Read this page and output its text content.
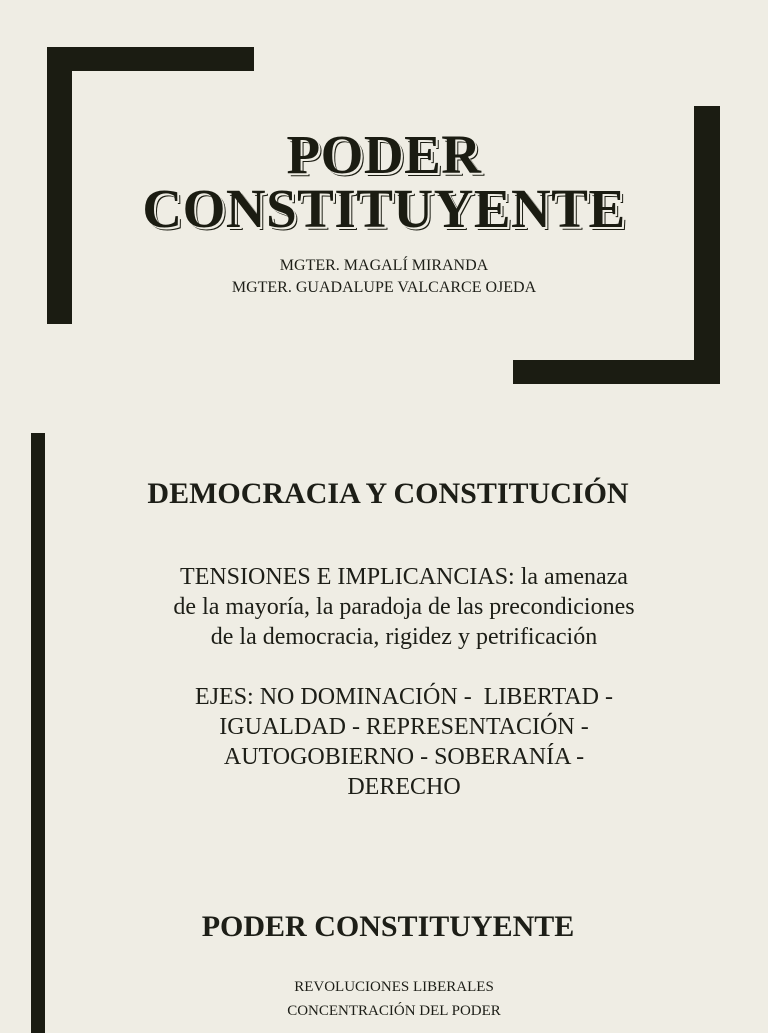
PODER
CONSTITUYENTE
MGTER. MAGALÍ MIRANDA
MGTER. GUADALUPE VALCARCE OJEDA
DEMOCRACIA Y CONSTITUCIÓN

TENSIONES E IMPLICANCIAS: la amenaza
de la mayoría, la paradoja de las precondiciones
de la democracia, rigidez y petrificación

EJES: NO DOMINACIÓN -  LIBERTAD -
IGUALDAD - REPRESENTACIÓN -
AUTOGOBIERNO - SOBERANÍA -
DERECHO

PODER CONSTITUYENTE
REVOLUCIONES LIBERALES
CONCENTRACIÓN DEL PODER
